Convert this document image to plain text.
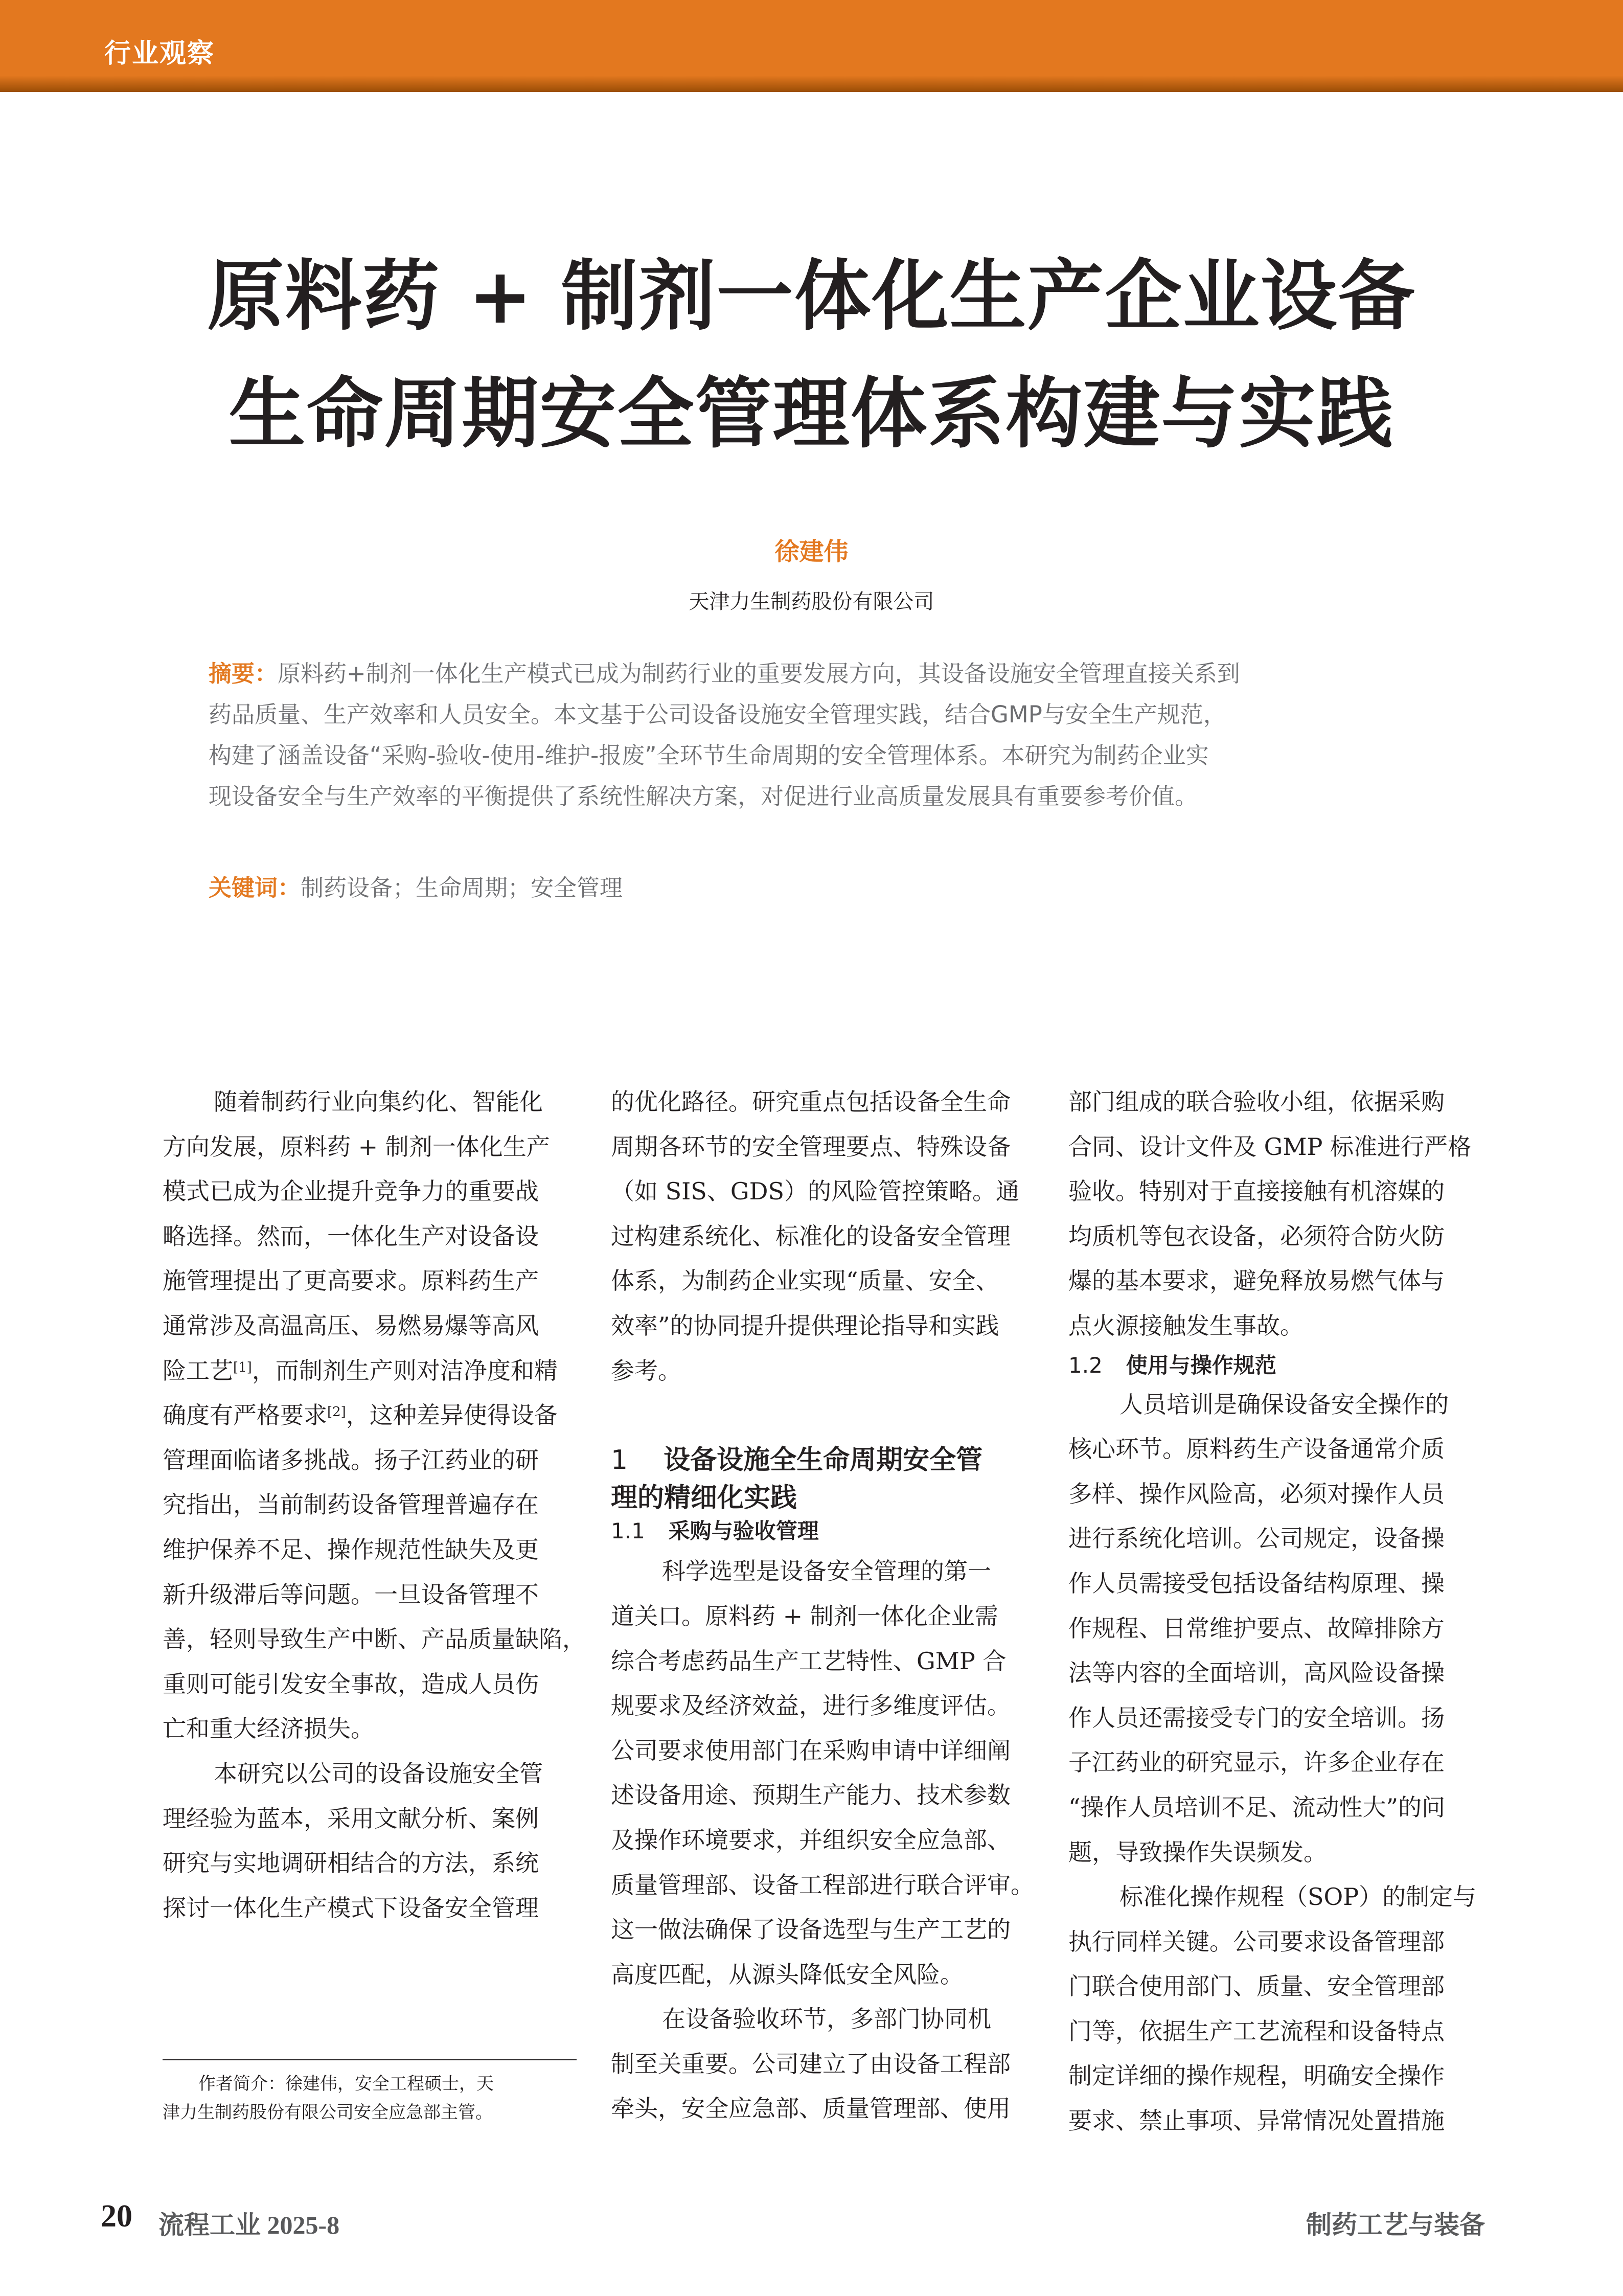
行业观察
原料药 + 制剂一体化生产企业设备
生命周期安全管理体系构建与实践
徐建伟
天津力生制药股份有限公司
摘要：原料药+制剂一体化生产模式已成为制药行业的重要发展方向，其设备设施安全管理直接关系到
药品质量、生产效率和人员安全。本文基于公司设备设施安全管理实践，结合GMP与安全生产规范，
构建了涵盖设备“采购-验收-使用-维护-报废”全环节生命周期的安全管理体系。本研究为制药企业实
现设备安全与生产效率的平衡提供了系统性解决方案，对促进行业高质量发展具有重要参考价值。
关键词：制药设备；生命周期；安全管理
随着制药行业向集约化、智能化
方向发展，原料药 + 制剂一体化生产
模式已成为企业提升竞争力的重要战
略选择。然而，一体化生产对设备设
施管理提出了更高要求。原料药生产
通常涉及高温高压、易燃易爆等高风
险工艺[1]，而制剂生产则对洁净度和精
确度有严格要求[2]，这种差异使得设备
管理面临诸多挑战。扬子江药业的研
究指出，当前制药设备管理普遍存在
维护保养不足、操作规范性缺失及更
新升级滞后等问题。一旦设备管理不
善，轻则导致生产中断、产品质量缺陷，
重则可能引发安全事故，造成人员伤
亡和重大经济损失。
本研究以公司的设备设施安全管
理经验为蓝本，采用文献分析、案例
研究与实地调研相结合的方法，系统
探讨一体化生产模式下设备安全管理
的优化路径。研究重点包括设备全生命
周期各环节的安全管理要点、特殊设备
（如 SIS、GDS）的风险管控策略。通
过构建系统化、标准化的设备安全管理
体系，为制药企业实现“质量、安全、
效率”的协同提升提供理论指导和实践
参考。
1 设备设施全生命周期安全管
理的精细化实践
1.1 采购与验收管理
科学选型是设备安全管理的第一
道关口。原料药 + 制剂一体化企业需
综合考虑药品生产工艺特性、GMP 合
规要求及经济效益，进行多维度评估。
公司要求使用部门在采购申请中详细阐
述设备用途、预期生产能力、技术参数
及操作环境要求，并组织安全应急部、
质量管理部、设备工程部进行联合评审。
这一做法确保了设备选型与生产工艺的
高度匹配，从源头降低安全风险。
在设备验收环节，多部门协同机
制至关重要。公司建立了由设备工程部
牵头，安全应急部、质量管理部、使用
部门组成的联合验收小组，依据采购
合同、设计文件及 GMP 标准进行严格
验收。特别对于直接接触有机溶媒的
均质机等包衣设备，必须符合防火防
爆的基本要求，避免释放易燃气体与
点火源接触发生事故。
1.2 使用与操作规范
人员培训是确保设备安全操作的
核心环节。原料药生产设备通常介质
多样、操作风险高，必须对操作人员
进行系统化培训。公司规定，设备操
作人员需接受包括设备结构原理、操
作规程、日常维护要点、故障排除方
法等内容的全面培训，高风险设备操
作人员还需接受专门的安全培训。扬
子江药业的研究显示，许多企业存在
“操作人员培训不足、流动性大”的问
题，导致操作失误频发。
标准化操作规程（SOP）的制定与
执行同样关键。公司要求设备管理部
门联合使用部门、质量、安全管理部
门等，依据生产工艺流程和设备特点
制定详细的操作规程，明确安全操作
要求、禁止事项、异常情况处置措施
作者简介：徐建伟，安全工程硕士，天
津力生制药股份有限公司安全应急部主管。
20 流程工业 2025-8	制药工艺与装备
